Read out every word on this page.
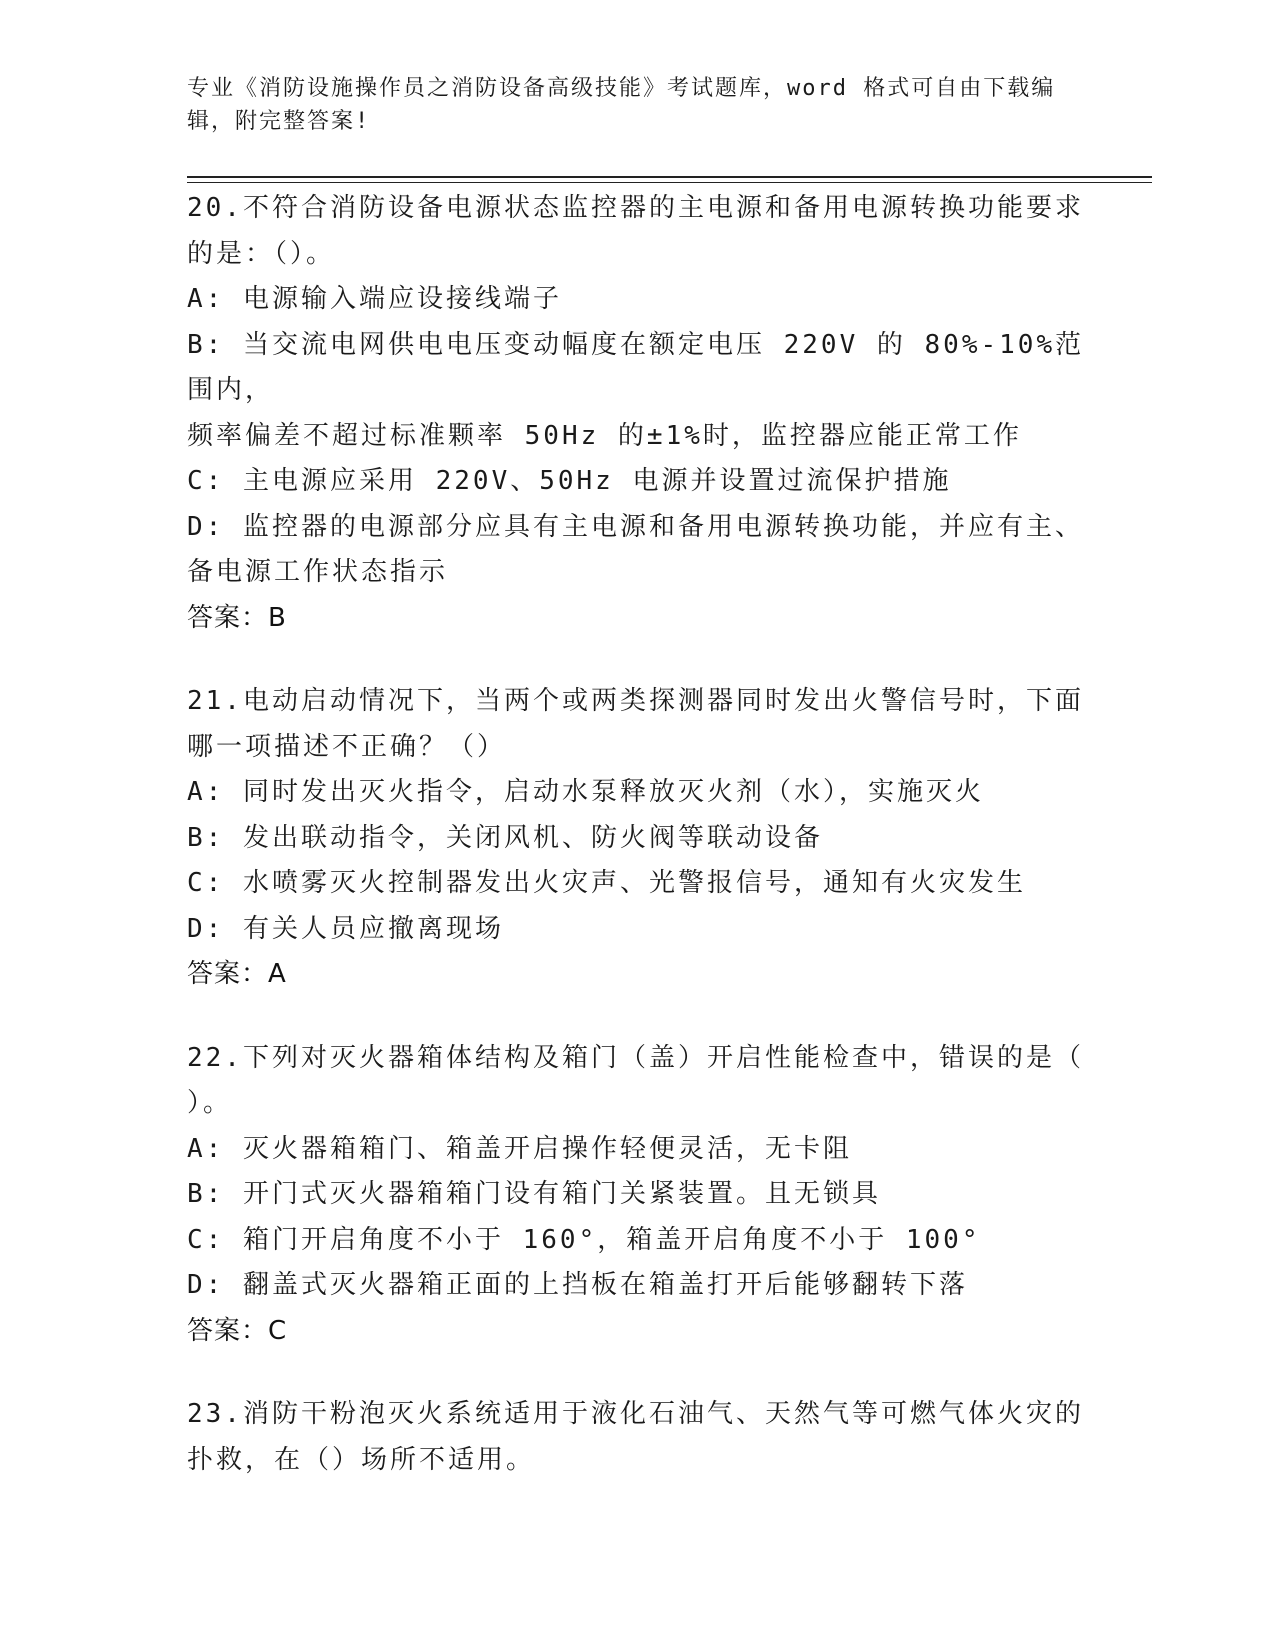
专业《消防设施操作员之消防设备高级技能》考试题库，word 格式可自由下载编
辑，附完整答案!

20.不符合消防设备电源状态监控器的主电源和备用电源转换功能要求

的是：（）。

A: 电源输入端应设接线端子

B: 当交流电网供电电压变动幅度在额定电压 220V 的 80%-10%范围内，

频率偏差不超过标准颗率 50Hz 的±1%时，监控器应能正常工作

C: 主电源应采用 220V、50Hz 电源并设置过流保护措施

D: 监控器的电源部分应具有主电源和备用电源转换功能，并应有主、

备电源工作状态指示

答案：B

21.电动启动情况下，当两个或两类探测器同时发出火警信号时，下面

哪一项描述不正确？（）

A: 同时发出灭火指令，启动水泵释放灭火剂（水），实施灭火

B: 发出联动指令，关闭风机、防火阀等联动设备

C: 水喷雾灭火控制器发出火灾声、光警报信号，通知有火灾发生

D: 有关人员应撤离现场

答案：A

22.下列对灭火器箱体结构及箱门（盖）开启性能检查中，错误的是（

）。

A: 灭火器箱箱门、箱盖开启操作轻便灵活，无卡阻

B: 开门式灭火器箱箱门设有箱门关紧装置。且无锁具

C: 箱门开启角度不小于 160°，箱盖开启角度不小于 100°

D: 翻盖式灭火器箱正面的上挡板在箱盖打开后能够翻转下落

答案：C

23.消防干粉泡灭火系统适用于液化石油气、天然气等可燃气体火灾的

扑救，在（）场所不适用。
